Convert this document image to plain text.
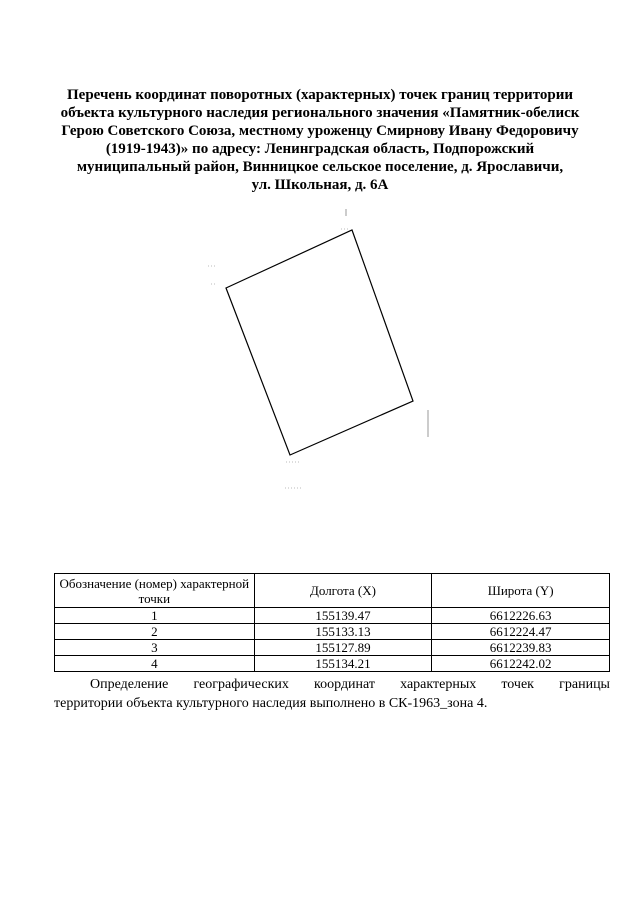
Перечень координат поворотных (характерных) точек границ территории
объекта культурного наследия регионального значения «Памятник-обелиск
Герою Советского Союза, местному уроженцу Смирнову Ивану Федоровичу
(1919-1943)» по адресу: Ленинградская область, Подпорожский
муниципальный район, Винницкое сельское поселение, д. Ярославичи,
ул. Школьная, д. 6А
Обозначение (номер) характерной точки	Долгота (X)	Широта (Y)
1	155139.47	6612226.63
2	155133.13	6612224.47
3	155127.89	6612239.83
4	155134.21	6612242.02
Определение географических координат характерных точек границы
территории объекта культурного наследия выполнено в СК-1963_зона 4.
